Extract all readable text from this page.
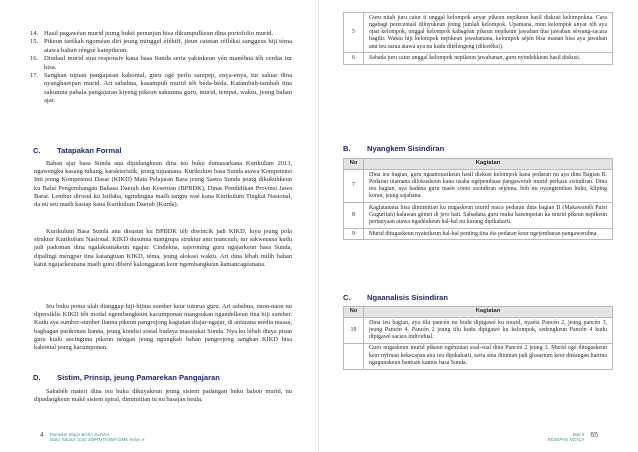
14. Hasil pagawéan murid jeung bukti penunjun bisa dikumpulkeun dina portofolio murid.
15. Pikeun tarékah ngoméan diri jeung minggel éféktif, jieun catetan réfléksi sanggeus hiji téma atawa bahan réngsé katepikeun.
16. Diudaul murid sina responsiv kana basa Sunda serta yakinkeun yén manéhna téh cerdas tur bisa.
17. Sangkan tujuan pangajaran kahontal, guru ogé perlu sarepep, enya-enya, tur saluar dina nyangharepan murid. Ari sababna, kasampuh murid téh béda-béda. Katambah-tambah tina sakumna pahala pangajaran kiyeng pikeun sakumna guru, murid, tempat, waktu, jeung bahan ajar.
C.	Tatapakan Formal

Bahan ajar basa Sunda anu dipidangkeun dina ieu buku dumasarkana Kurikulum 2013, ngawengku kasang tukang, karakteristik, jeung tujuanana. Kurikulum basa Sunda atawa Kompetensi Inti jeung Kompetensi Dasar (KIKD) Mata Pelajaran Basa jeung Sastra Sunda jeung dikukuhkeun ku Balai Pengembangan Bahasa Daerah dan Kesenian (BPBDK), Dinas Pendidikan Provinsi Jawa Barat. Lembur dirosul ku Istilaha, ngindingna maéh tangtu waé kana Kurikulum Tingkat Nasional, da nu seu maéh kasiap kana Kurikulum Daerah (Kurda).

Kurikulum Basa Sunda anu disusun ku BPBDK téh diwincik jadi KIKD, luyu jeung pola struktur Kurikulum Nasional. KIKD dusunna mangrupa struktur anu manceuh, tur sakweusna kudu jadi padoman dina ngalaksanakeun ngajar. Cindekna, sajeroning guru ngajarkeun basa Sunda, dipalingi méngpar tina katangtuan KIKD, téma, jeung alokasi waktu. Ari dina lébah milih bahan katut ngajarkeunana maéh guru dibéré kalonggaran keur ngembangkeun kamancagéanana.

Ieu buku poma ulah dianggap hiji-hijina sumber keur tuturus guru. Ari sababna, naon-naon nu dipersiklis KIKD téh modal ngembangkeun kacumponan mangsukan ngandelkeun tina hiji sumber. Kudu aya sumber-sumber lianna pikeun pangrojong kagiatan diajar-ngajar, di antarana média massa, bagbagan parikonan lianna, jeung kondisi sosial budaya masarakat Sunda. Nya ku lébah dinya pisan guru kudu ancingnna pikeun néngan jeung ngungkab bahan pangrojong sangkan KIKD bisa kahontal jeung kacumponan.

D.	Sistim, Prinsip, jeung Pamarekan Pangajaran

Sakabéh materi dina ieu buku dikuyakeun jeung sistem padangan buku babon murid, nu dipadangkeun maké sistem spiral, dimimitian tu nu basajan heula,

4 Pamekar Diajar BASA SUNDA
Buku Tuturus Guru SMP/MTs/SMA/SMK Kelas X
5	Guru nitah juru catur ti unggal kelompok anyar pikeun nepikeun hasil diskusi kelompokna. Cara ngabagi perecentasi diluyukeun jeung jumlah kelompok. Upamana, mun kelompok anyar téh aya opat kelompok, unggal kelompok kabagéan pikeun nepikeun jawaban dua jawaban séwang-sacara bagilir. Waktu hiji kelompok nepikeun jawabanana, kelompok séjén bisa manan bisa aya jawaban anu teu sarua atawa aya nu kudu ditéléngeng (dikoréksi).
6	Sabada juru catur unggal kelompok nepikeun jawabanan, guru nyindekkeun hasil diskusi.
B.	Nyangkem Sisindiran
No	Kagiatan
7	Dina ieu bagian, guru ngaanotasikeun hasil diskusi kelompok kana pedaran nu aya dina Bagian B. Pedaran utamana dilokuskeun kana usaha ngépembasa pangaweruh murid perkara sisindiran. Dina ieu bagian, aya hadéna guru maén conto sisindiran séjénna, boh nu nyangtemban buku, kliping koran, jeung sajabana.
8	Kagiatanana bisa dimimitian ku nugaskeun murid maca pedaran dina bagian B (Makawanéh Puisi Guguritan) kalawan gémet di jero hati. Sabadana guru muku kasempetan ka murid pikeun nepikeun pertanyaan atawa ngadéukeun hal-hal nu kurang dipikaharti.
9	Murid ditugaskeun nyatetkeun hal-hal penting tina éta pedaran keur ngejembaran pangaweruhna.
C.	Ngaanalisis Sisindiran
No	Kagiatan
10	Dina ieu bagian, aya tilu pancén nu kudu dipigawé ku murid, nyaéta Pancén 2, jeung pancén 3, jeung Pancén 4. Pancén 2 jeung tilu kudu dipigawé ku kelompok, sedengkeun Pancén 4 kudu dipigawé sacara individual.
	Guru nugaskeun murid pikeun ngémutan soal-soal dina Pancén 2 jeung 3. Murid ogé ditugaskeun keur nyiruan kekecapan anu teu dipikaharti, serta sina dituman jadi glosarium keur ditéangan hartina ngagunakeun bantuan kamus basa Sunda.
Bab II
RÉSEPAN NGALA
65
